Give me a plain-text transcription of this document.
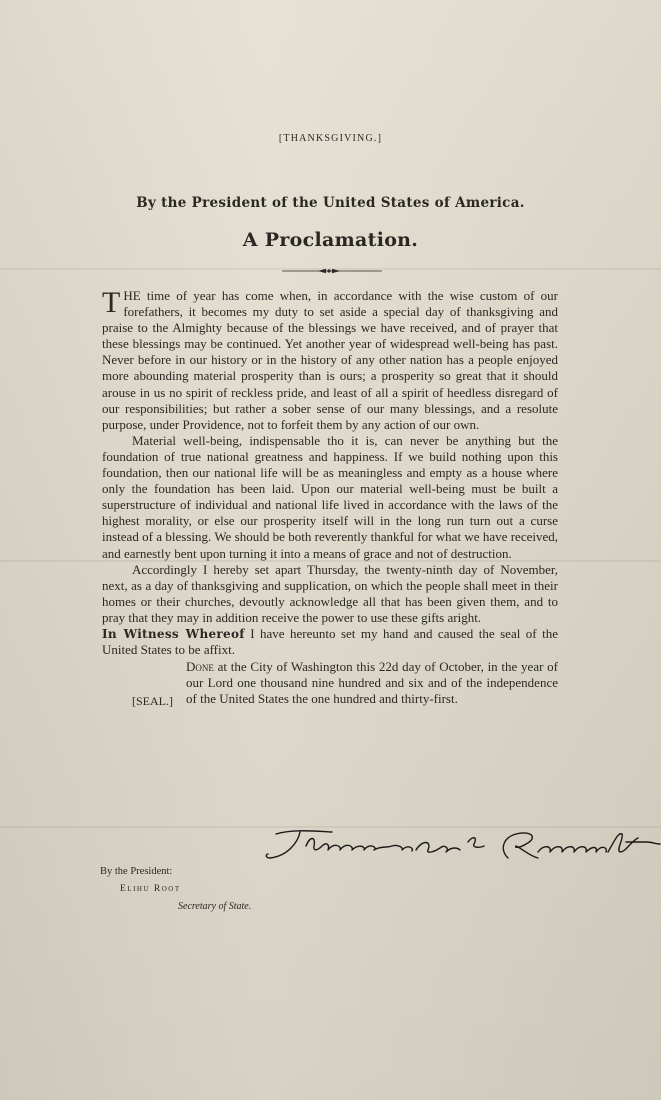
[THANKSGIVING.]
By the President of the United States of America.
A Proclamation.

THE time of year has come when, in accordance with the wise custom of our forefathers, it becomes my duty to set aside a special day of thanksgiving and praise to the Almighty because of the blessings we have received, and of prayer that these blessings may be continued. Yet another year of widespread well-being has past. Never before in our history or in the history of any other nation has a people enjoyed more abounding material prosperity than is ours; a prosperity so great that it should arouse in us no spirit of reckless pride, and least of all a spirit of heedless disregard of our responsibilities; but rather a sober sense of our many blessings, and a resolute purpose, under Providence, not to forfeit them by any action of our own.

Material well-being, indispensable tho it is, can never be anything but the foundation of true national greatness and happiness. If we build nothing upon this foundation, then our national life will be as meaningless and empty as a house where only the foundation has been laid. Upon our material well-being must be built a superstructure of individual and national life lived in accordance with the laws of the highest morality, or else our prosperity itself will in the long run turn out a curse instead of a blessing. We should be both reverently thankful for what we have received, and earnestly bent upon turning it into a means of grace and not of destruction.

Accordingly I hereby set apart Thursday, the twenty-ninth day of November, next, as a day of thanksgiving and supplication, on which the people shall meet in their homes or their churches, devoutly acknowledge all that has been given them, and to pray that they may in addition receive the power to use these gifts aright.

In Witness Whereof I have hereunto set my hand and caused the seal of the United States to be affixt.

Done at the City of Washington this 22d day of October, in the year of our Lord one thousand nine hundred and six and of the independence of the United States the one hundred and thirty-first.
[SEAL.]
By the President:
Elihu Root
Secretary of State.
